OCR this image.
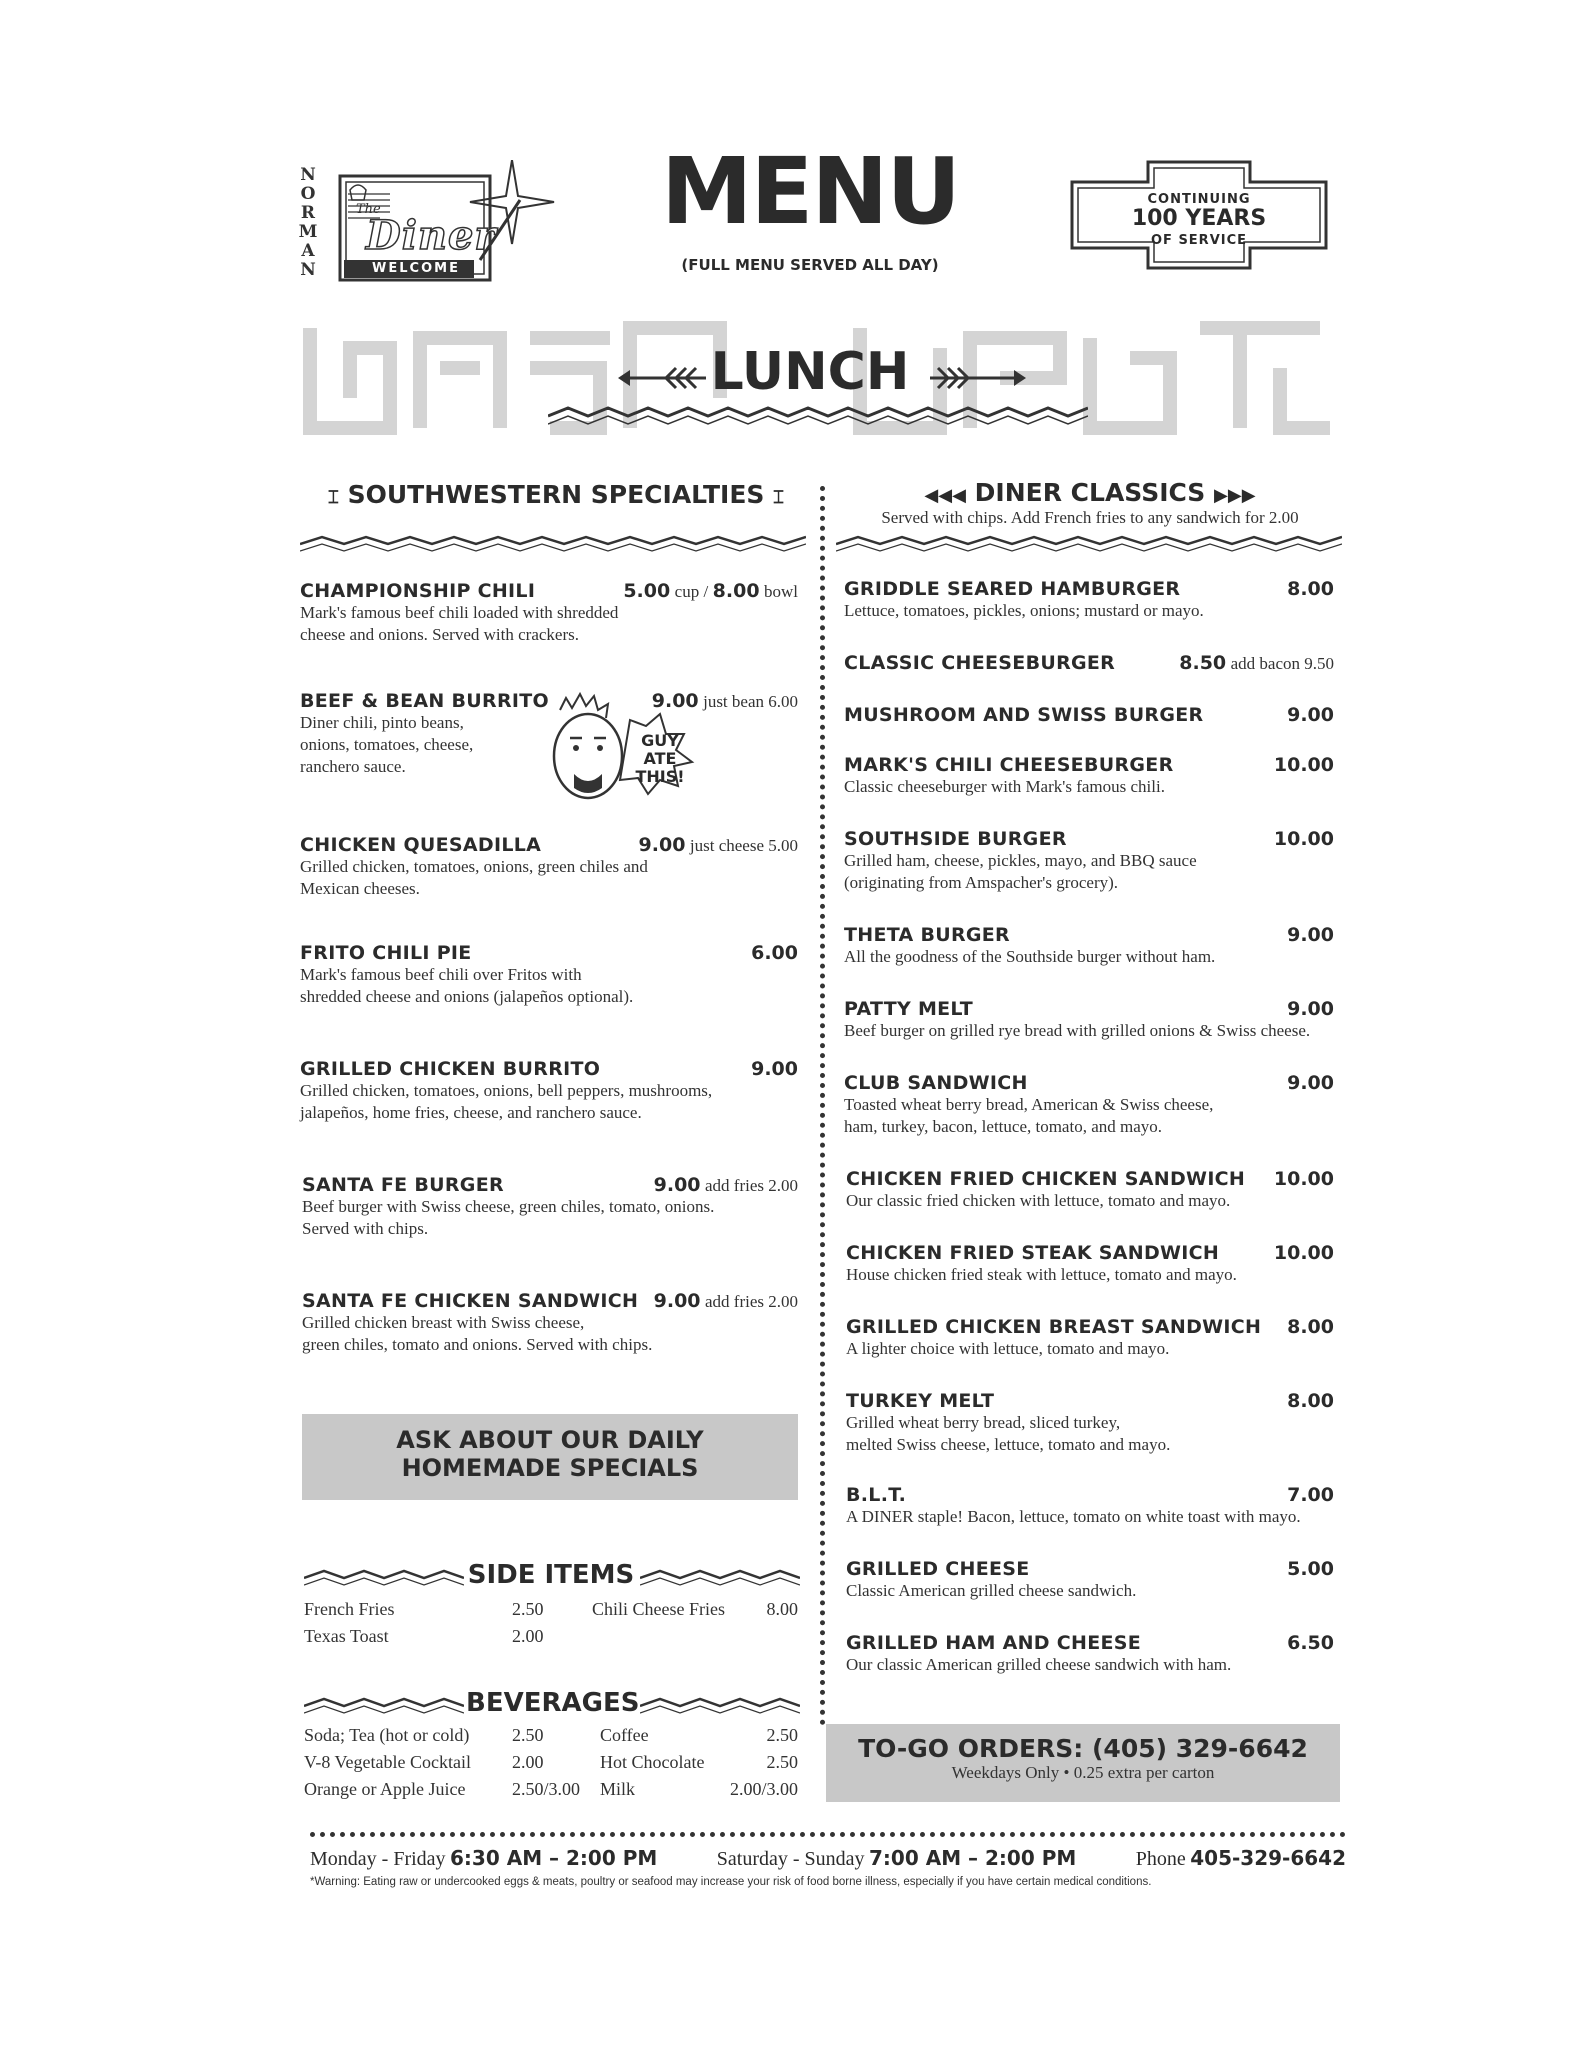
N
O
R
M
A
N
The
Diner
WELCOME
MENU
(FULL MENU SERVED ALL DAY)
CONTINUING
100 YEARS
OF SERVICE
LUNCH
⌶ SOUTHWESTERN SPECIALTIES ⌶
CHAMPIONSHIP CHILI	5.00 cup / 8.00 bowl
Mark's famous beef chili loaded with shredded
cheese and onions. Served with crackers.
BEEF & BEAN BURRITO	9.00 just bean 6.00
Diner chili, pinto beans,
onions, tomatoes, cheese,
ranchero sauce.
GUY
ATE
THIS!
CHICKEN QUESADILLA	9.00 just cheese 5.00
Grilled chicken, tomatoes, onions, green chiles and
Mexican cheeses.
FRITO CHILI PIE	6.00
Mark's famous beef chili over Fritos with
shredded cheese and onions (jalapeños optional).
GRILLED CHICKEN BURRITO	9.00
Grilled chicken, tomatoes, onions, bell peppers, mushrooms,
jalapeños, home fries, cheese, and ranchero sauce.
SANTA FE BURGER	9.00 add fries 2.00
Beef burger with Swiss cheese, green chiles, tomato, onions.
Served with chips.
SANTA FE CHICKEN SANDWICH 9.00 add fries 2.00
Grilled chicken breast with Swiss cheese,
green chiles, tomato and onions. Served with chips.
ASK ABOUT OUR DAILY
HOMEMADE SPECIALS
SIDE ITEMS
French Fries	2.50	Chili Cheese Fries	8.00
Texas Toast	2.00
BEVERAGES
Soda; Tea (hot or cold)	2.50	Coffee	2.50
V-8 Vegetable Cocktail	2.00	Hot Chocolate	2.50
Orange or Apple Juice	2.50/3.00	Milk	2.00/3.00
◀◀◀ DINER CLASSICS ▶▶▶
Served with chips. Add French fries to any sandwich for 2.00
GRIDDLE SEARED HAMBURGER	8.00
Lettuce, tomatoes, pickles, onions; mustard or mayo.
CLASSIC CHEESEBURGER	8.50 add bacon 9.50
MUSHROOM AND SWISS BURGER	9.00
MARK'S CHILI CHEESEBURGER	10.00
Classic cheeseburger with Mark's famous chili.
SOUTHSIDE BURGER	10.00
Grilled ham, cheese, pickles, mayo, and BBQ sauce
(originating from Amspacher's grocery).
THETA BURGER	9.00
All the goodness of the Southside burger without ham.
PATTY MELT	9.00
Beef burger on grilled rye bread with grilled onions & Swiss cheese.
CLUB SANDWICH	9.00
Toasted wheat berry bread, American & Swiss cheese,
ham, turkey, bacon, lettuce, tomato, and mayo.
CHICKEN FRIED CHICKEN SANDWICH 10.00
Our classic fried chicken with lettuce, tomato and mayo.
CHICKEN FRIED STEAK SANDWICH	10.00
House chicken fried steak with lettuce, tomato and mayo.
GRILLED CHICKEN BREAST SANDWICH 8.00
A lighter choice with lettuce, tomato and mayo.
TURKEY MELT	8.00
Grilled wheat berry bread, sliced turkey,
melted Swiss cheese, lettuce, tomato and mayo.
B.L.T.	7.00
A DINER staple! Bacon, lettuce, tomato on white toast with mayo.
GRILLED CHEESE	5.00
Classic American grilled cheese sandwich.
GRILLED HAM AND CHEESE	6.50
Our classic American grilled cheese sandwich with ham.
TO-GO ORDERS: (405) 329-6642
Weekdays Only • 0.25 extra per carton
Monday - Friday 6:30 AM – 2:00 PM	Saturday - Sunday 7:00 AM – 2:00 PM	Phone 405-329-6642
*Warning: Eating raw or undercooked eggs & meats, poultry or seafood may increase your risk of food borne illness, especially if you have certain medical conditions.
